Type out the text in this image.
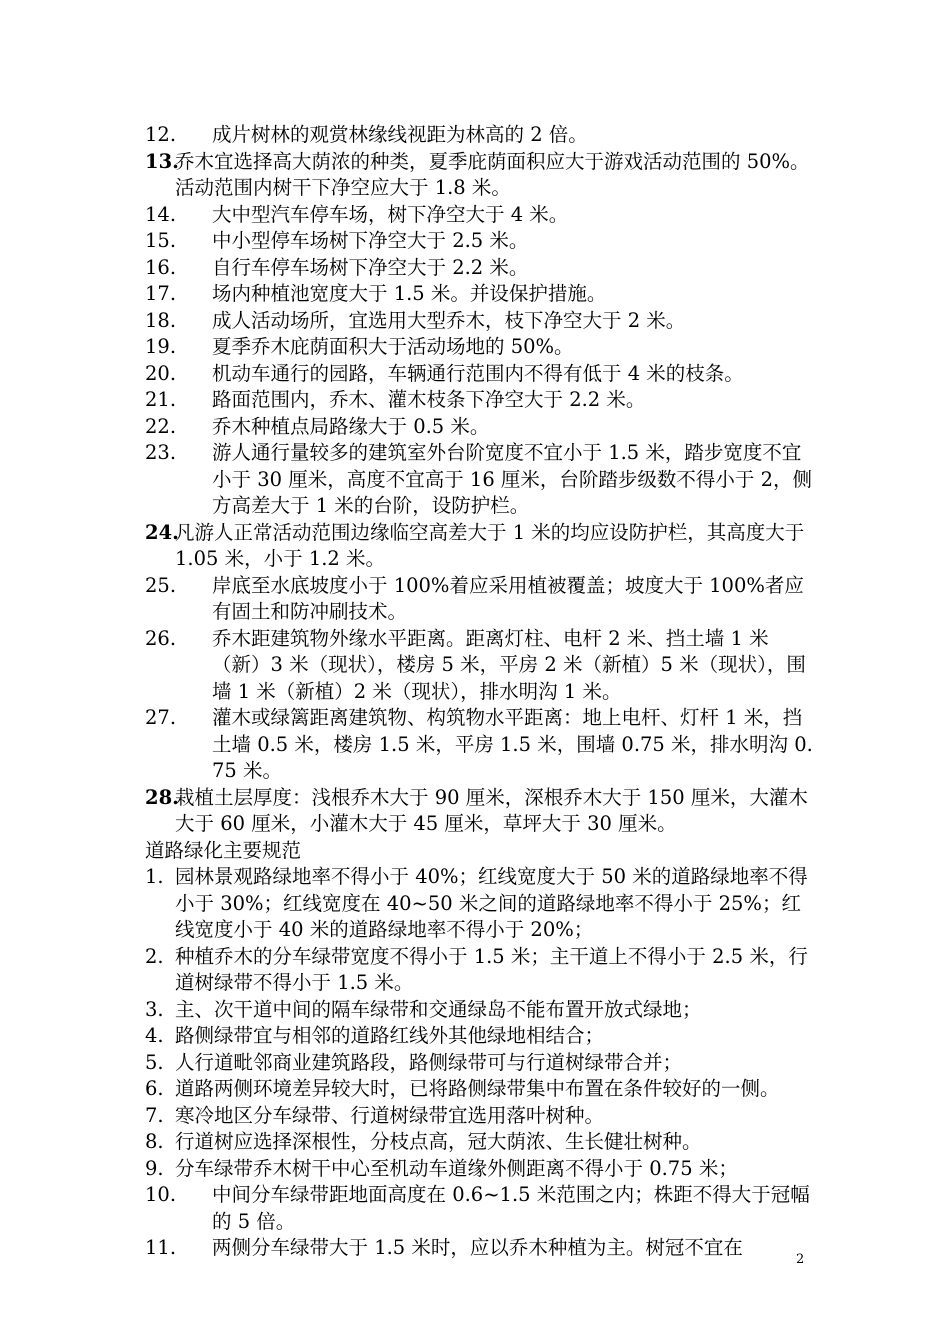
12.	成片树林的观赏林缘线视距为林高的 2 倍。
13.
乔木宜选择高大荫浓的种类，夏季庇荫面积应大于游戏活动范围的 50%。活动范围内树干下净空应大于 1.8 米。
14.	大中型汽车停车场，树下净空大于 4 米。
15.	中小型停车场树下净空大于 2.5 米。
16.	自行车停车场树下净空大于 2.2 米。
17.	场内种植池宽度大于 1.5 米。并设保护措施。
18.	成人活动场所，宜选用大型乔木，枝下净空大于 2 米。
19.	夏季乔木庇荫面积大于活动场地的 50%。
20.	机动车通行的园路，车辆通行范围内不得有低于 4 米的枝条。
21.	路面范围内，乔木、灌木枝条下净空大于 2.2 米。
22.	乔木种植点局路缘大于 0.5 米。
23.	游人通行量较多的建筑室外台阶宽度不宜小于 1.5 米，踏步宽度不宜小于 30 厘米，高度不宜高于 16 厘米，台阶踏步级数不得小于 2，侧方高差大于 1 米的台阶，设防护栏。
24.
凡游人正常活动范围边缘临空高差大于 1 米的均应设防护栏，其高度大于 1.05 米，小于 1.2 米。
25.	岸底至水底坡度小于 100%着应采用植被覆盖；坡度大于 100%者应有固土和防冲刷技术。
26.	乔木距建筑物外缘水平距离。距离灯柱、电杆 2 米、挡土墙 1 米（新）3 米（现状），楼房 5 米，平房 2 米（新植）5 米（现状），围墙 1 米（新植）2 米（现状），排水明沟 1 米。
27.	灌木或绿篱距离建筑物、构筑物水平距离：地上电杆、灯杆 1 米，挡土墙 0.5 米，楼房 1.5 米，平房 1.5 米，围墙 0.75 米，排水明沟 0.75 米。
28.
栽植土层厚度：浅根乔木大于 90 厘米，深根乔木大于 150 厘米，大灌木大于 60 厘米，小灌木大于 45 厘米，草坪大于 30 厘米。
道路绿化主要规范
1. 园林景观路绿地率不得小于 40%；红线宽度大于 50 米的道路绿地率不得小于 30%；红线宽度在 40~50 米之间的道路绿地率不得小于 25%；红线宽度小于 40 米的道路绿地率不得小于 20%；
2. 种植乔木的分车绿带宽度不得小于 1.5 米；主干道上不得小于 2.5 米，行道树绿带不得小于 1.5 米。
3. 主、次干道中间的隔车绿带和交通绿岛不能布置开放式绿地；
4. 路侧绿带宜与相邻的道路红线外其他绿地相结合；
5. 人行道毗邻商业建筑路段，路侧绿带可与行道树绿带合并；
6. 道路两侧环境差异较大时，已将路侧绿带集中布置在条件较好的一侧。
7. 寒冷地区分车绿带、行道树绿带宜选用落叶树种。
8. 行道树应选择深根性，分枝点高，冠大荫浓、生长健壮树种。
9. 分车绿带乔木树干中心至机动车道缘外侧距离不得小于 0.75 米；
10.	中间分车绿带距地面高度在 0.6~1.5 米范围之内；株距不得大于冠幅的 5 倍。
11.	两侧分车绿带大于 1.5 米时，应以乔木种植为主。树冠不宜在
2
